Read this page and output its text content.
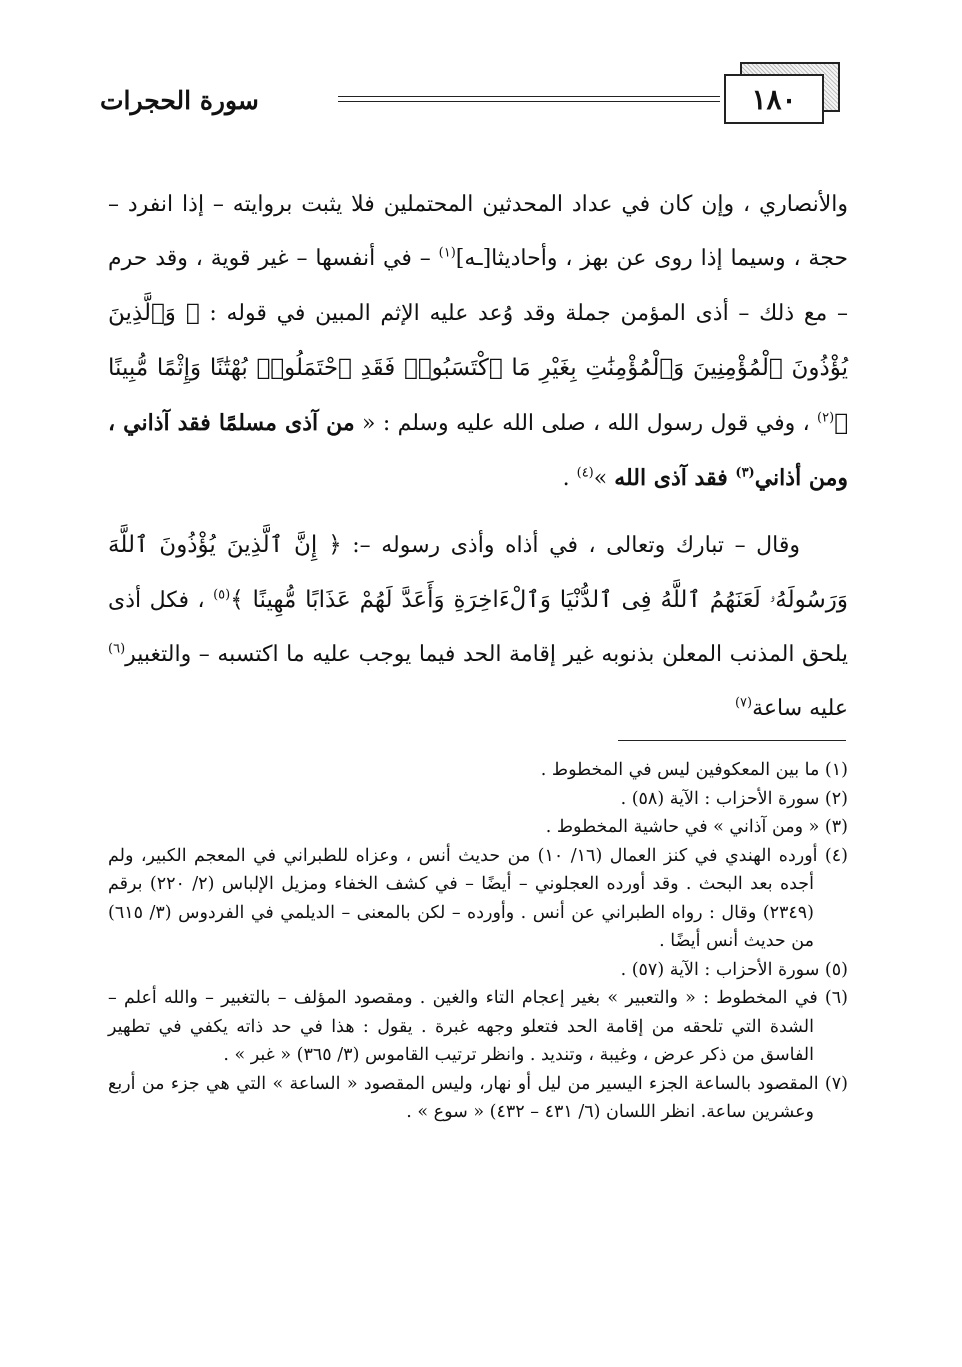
١٨٠
سورة الحجرات

والأنصاري ، وإن كان في عداد المحدثين المحتملين فلا يثبت بروايته – إذا انفرد – حجة ، وسيما إذا روى عن بهز ، وأحاديثا[ـه]$^{(١)}$ – في أنفسها – غير قوية ، وقد حرم – مع ذلك – أذى المؤمن جملة وقد وُعد عليه الإثم المبين في قوله : ﴿ وَٱلَّذِينَ يُؤْذُونَ ٱلْمُؤْمِنِينَ وَٱلْمُؤْمِنَٰتِ بِغَيْرِ مَا ٱكْتَسَبُوا۟ فَقَدِ ٱحْتَمَلُوا۟ بُهْتَٰنًا وَإِثْمًا مُّبِينًا ﴾$^{(٢)}$ ، وفي قول رسول الله ، صلى الله عليه وسلم : « من آذى مسلمًا فقد آذاني ، ومن أذاني$^{(٣)}$ فقد آذى الله »$^{(٤)}$ .

وقال – تبارك وتعالى ، في أذاه وأذى رسوله –: ﴿ إِنَّ ٱلَّذِينَ يُؤْذُونَ ٱللَّهَ وَرَسُولَهُۥ لَعَنَهُمُ ٱللَّهُ فِى ٱلدُّنْيَا وَٱلْءَاخِرَةِ وَأَعَدَّ لَهُمْ عَذَابًا مُّهِينًا ﴾$^{(٥)}$ ، فكل أذى يلحق المذنب المعلن بذنوبه غير إقامة الحد فيما يوجب عليه ما اكتسبه – والتغبير$^{(٦)}$ عليه ساعة$^{(٧)}$

(١) ما بين المعكوفين ليس في المخطوط .

(٢) سورة الأحزاب : الآية (٥٨) .

(٣) « ومن آذاني » في حاشية المخطوط .

(٤) أورده الهندي في كنز العمال (١٦/ ١٠) من حديث أنس ، وعزاه للطبراني في المعجم الكبير، ولم أجده بعد البحث . وقد أورده العجلوني – أيضًا – في كشف الخفاء ومزيل الإلباس (٢/ ٢٢٠) برقم (٢٣٤٩) وقال : رواه الطبراني عن أنس . وأورده – لكن بالمعنى – الديلمي في الفردوس (٣/ ٦١٥) من حديث أنس أيضًا .

(٥) سورة الأحزاب : الآية (٥٧) .

(٦) في المخطوط : « والتعبير » بغير إعجام التاء والغين . ومقصود المؤلف – بالتغبير – والله أعلم – الشدة التي تلحقه من إقامة الحد فتعلو وجهه غبرة . يقول : هذا في حد ذاته يكفي في تطهير الفاسق من ذكر عرض ، وغيبة ، وتنديد . وانظر ترتيب القاموس (٣/ ٣٦٥) « غبر » .

(٧) المقصود بالساعة الجزء اليسير من ليل أو نهار، وليس المقصود « الساعة » التي هي جزء من أربع وعشرين ساعة. انظر اللسان (٦/ ٤٣١ – ٤٣٢) « سوع » .
